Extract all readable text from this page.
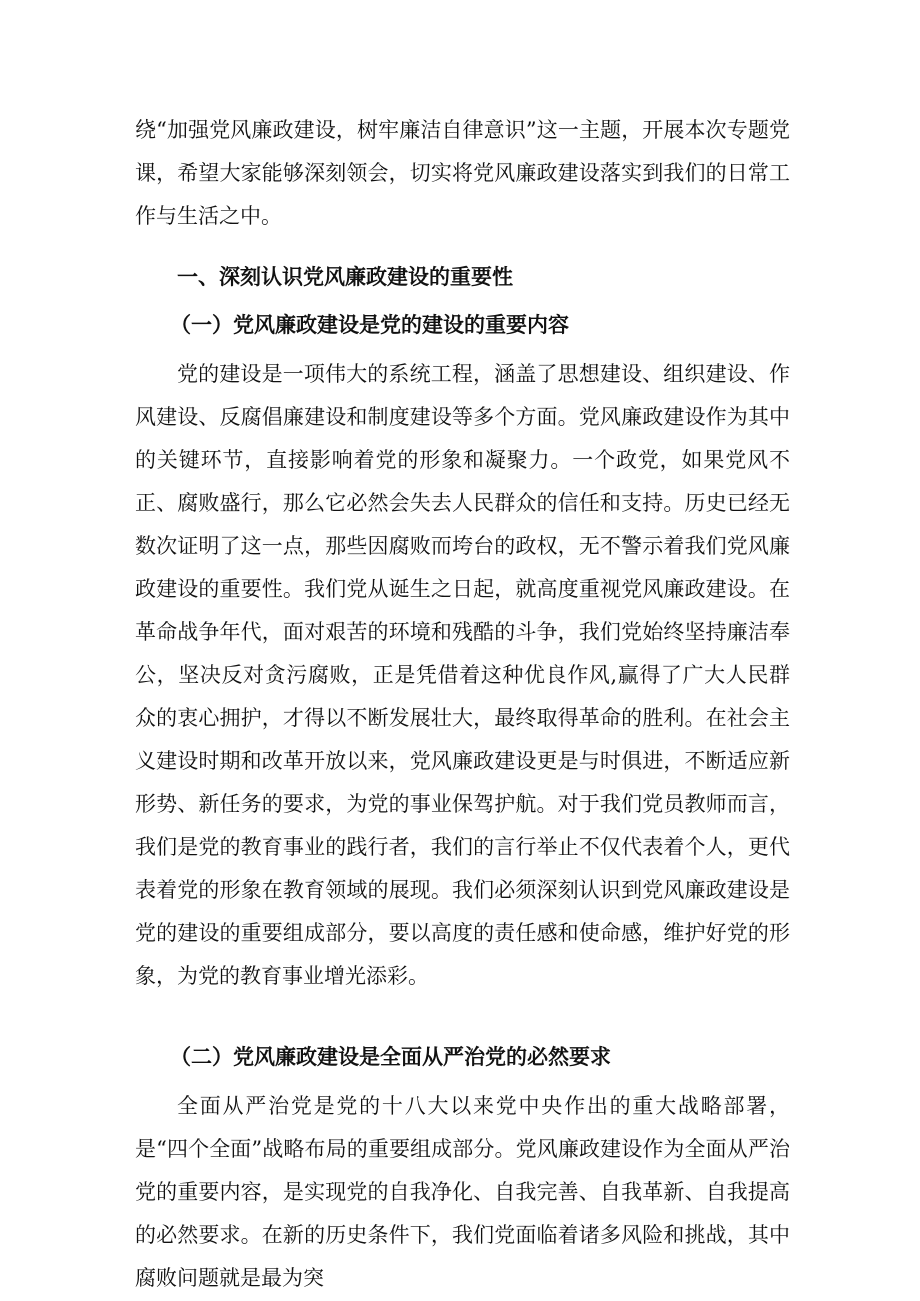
绕“加强党风廉政建设，树牢廉洁自律意识”这一主题，开展本次专题党课，希望大家能够深刻领会，切实将党风廉政建设落实到我们的日常工作与生活之中。

一、深刻认识党风廉政建设的重要性

（一）党风廉政建设是党的建设的重要内容

党的建设是一项伟大的系统工程，涵盖了思想建设、组织建设、作风建设、反腐倡廉建设和制度建设等多个方面。党风廉政建设作为其中的关键环节，直接影响着党的形象和凝聚力。一个政党，如果党风不正、腐败盛行，那么它必然会失去人民群众的信任和支持。历史已经无数次证明了这一点，那些因腐败而垮台的政权，无不警示着我们党风廉政建设的重要性。我们党从诞生之日起，就高度重视党风廉政建设。在革命战争年代，面对艰苦的环境和残酷的斗争，我们党始终坚持廉洁奉公，坚决反对贪污腐败，正是凭借着这种优良作风,赢得了广大人民群众的衷心拥护，才得以不断发展壮大，最终取得革命的胜利。在社会主义建设时期和改革开放以来，党风廉政建设更是与时俱进，不断适应新形势、新任务的要求，为党的事业保驾护航。对于我们党员教师而言，我们是党的教育事业的践行者，我们的言行举止不仅代表着个人，更代表着党的形象在教育领域的展现。我们必须深刻认识到党风廉政建设是党的建设的重要组成部分，要以高度的责任感和使命感，维护好党的形象，为党的教育事业增光添彩。

（二）党风廉政建设是全面从严治党的必然要求

全面从严治党是党的十八大以来党中央作出的重大战略部署，是“四个全面”战略布局的重要组成部分。党风廉政建设作为全面从严治党的重要内容，是实现党的自我净化、自我完善、自我革新、自我提高的必然要求。在新的历史条件下，我们党面临着诸多风险和挑战，其中腐败问题就是最为突
